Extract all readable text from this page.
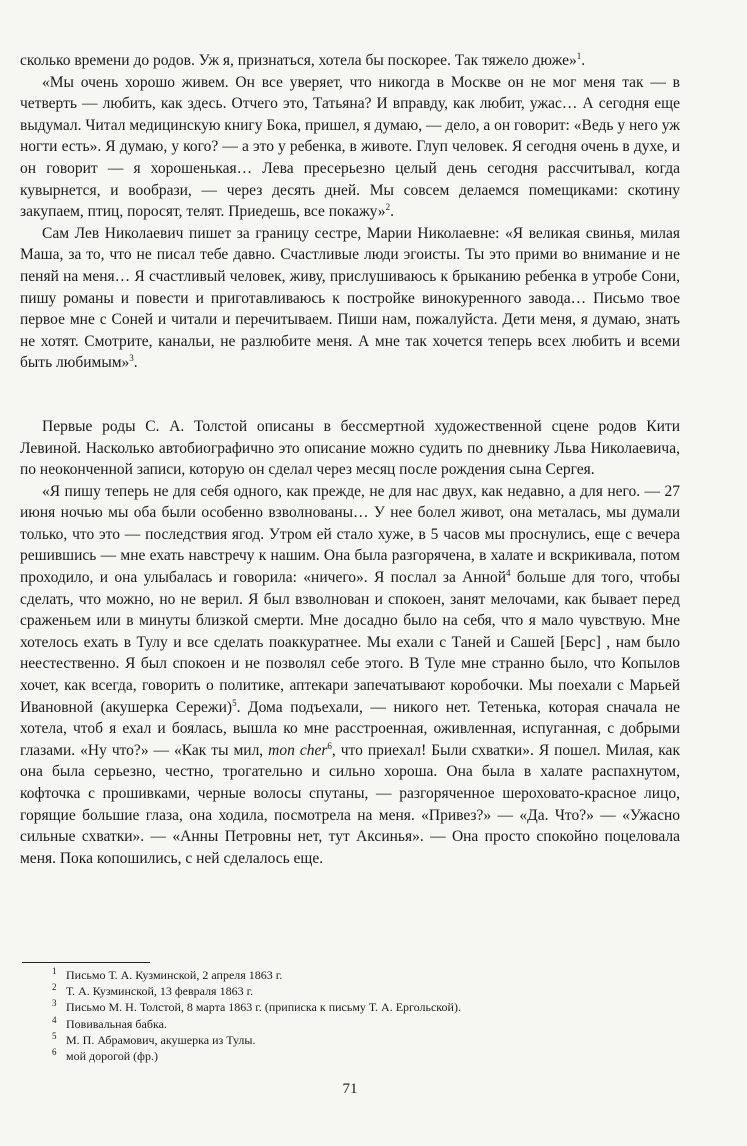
сколько времени до родов. Уж я, признаться, хотела бы поскорее. Так тяжело дюже»$^1$.

«Мы очень хорошо живем. Он все уверяет, что никогда в Москве он не мог меня так — в четверть — любить, как здесь. Отчего это, Татьяна? И вправду, как любит, ужас… А сегодня еще выдумал. Читал медицинскую книгу Бока, пришел, я думаю, — дело, а он говорит: «Ведь у него уж ногти есть». Я думаю, у кого? — а это у ребенка, в животе. Глуп человек. Я сегодня очень в духе, и он говорит — я хорошенькая… Лева пресерьезно целый день сегодня рассчитывал, когда кувырнется, и вообрази, — через десять дней. Мы совсем делаемся помещиками: скотину закупаем, птиц, поросят, телят. Приедешь, все покажу»$^2$.

Сам Лев Николаевич пишет за границу сестре, Марии Николаевне: «Я великая свинья, милая Маша, за то, что не писал тебе давно. Счастливые люди эгоисты. Ты это прими во внимание и не пеняй на меня… Я счастливый человек, живу, прислушиваюсь к брыканию ребенка в утробе Сони, пишу романы и повести и приготавливаюсь к постройке винокуренного завода… Письмо твое первое мне с Соней и читали и перечитываем. Пиши нам, пожалуйста. Дети меня, я думаю, знать не хотят. Смотрите, канальи, не разлюбите меня. А мне так хочется теперь всех любить и всеми быть любимым»$^3$.

Первые роды С. А. Толстой описаны в бессмертной художественной сцене родов Кити Левиной. Насколько автобиографично это описание можно судить по дневнику Льва Николаевича, по неоконченной записи, которую он сделал через месяц после рождения сына Сергея.

«Я пишу теперь не для себя одного, как прежде, не для нас двух, как недавно, а для него. — 27 июня ночью мы оба были особенно взволнованы… У нее болел живот, она металась, мы думали только, что это — последствия ягод. Утром ей стало хуже, в 5 часов мы проснулись, еще с вечера решившись — мне ехать навстречу к нашим. Она была разгорячена, в халате и вскрикивала, потом проходило, и она улыбалась и говорила: «ничего». Я послал за Анной$^4$ больше для того, чтобы сделать, что можно, но не верил. Я был взволнован и спокоен, занят мелочами, как бывает перед сраженьем или в минуты близкой смерти. Мне досадно было на себя, что я мало чувствую. Мне хотелось ехать в Тулу и все сделать поаккуратнее. Мы ехали с Таней и Сашей [Берс] , нам было неестественно. Я был спокоен и не позволял себе этого. В Туле мне странно было, что Копылов хочет, как всегда, говорить о политике, аптекари запечатывают коробочки. Мы поехали с Марьей Ивановной (акушерка Сережи)$^5$. Дома подъехали, — никого нет. Тетенька, которая сначала не хотела, чтоб я ехал и боялась, вышла ко мне расстроенная, оживленная, испуганная, с добрыми глазами. «Ну что?» — «Как ты мил, mon cher$^6$, что приехал! Были схватки». Я пошел. Милая, как она была серьезно, честно, трогательно и сильно хороша. Она была в халате распахнутом, кофточка с прошивками, черные волосы спутаны, — разгоряченное шероховато-красное лицо, горящие большие глаза, она ходила, посмотрела на меня. «Привез?» — «Да. Что?» — «Ужасно сильные схватки». — «Анны Петровны нет, тут Аксинья». — Она просто спокойно поцеловала меня. Пока копошились, с ней сделалось еще.

1 Письмо Т. А. Кузминской, 2 апреля 1863 г.
2 Т. А. Кузминской, 13 февраля 1863 г.
3 Письмо М. Н. Толстой, 8 марта 1863 г. (приписка к письму Т. А. Ергольской).
4 Повивальная бабка.
5 М. П. Абрамович, акушерка из Тулы.
6 мой дорогой (фр.)
71
